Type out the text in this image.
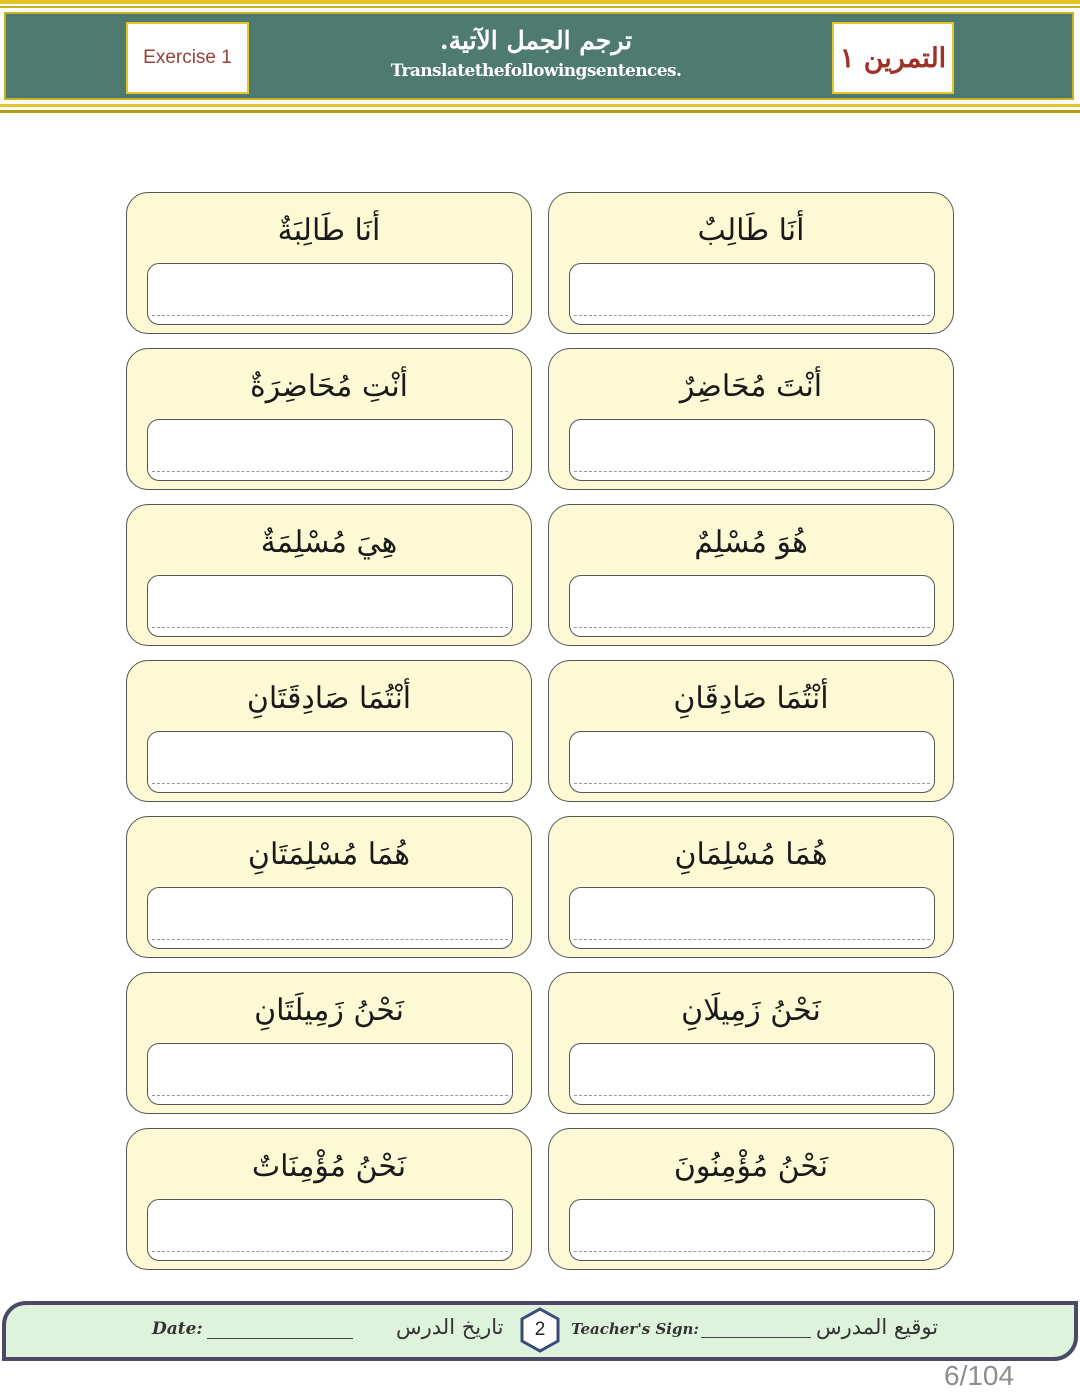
Exercise 1
ترجم الجمل الآتية.
Translatethefollowingsentences.	التمرين ١
أنَا طَالِبَةٌ	أنَا طَالِبٌ
أنْتِ مُحَاضِرَةٌ	أنْتَ مُحَاضِرٌ
هِيَ مُسْلِمَةٌ	هُوَ مُسْلِمٌ
أنْتُمَا صَادِقَتَانِ	أنْتُمَا صَادِقَانِ
هُمَا مُسْلِمَتَانِ	هُمَا مُسْلِمَانِ
نَحْنُ زَمِيلَتَانِ	نَحْنُ زَمِيلَانِ
نَحْنُ مُؤْمِنَاتٌ	نَحْنُ مُؤْمِنُونَ
Date:	تاريخ الدرس	Teacher's Sign:	توقيع المدرس
2
6/104
